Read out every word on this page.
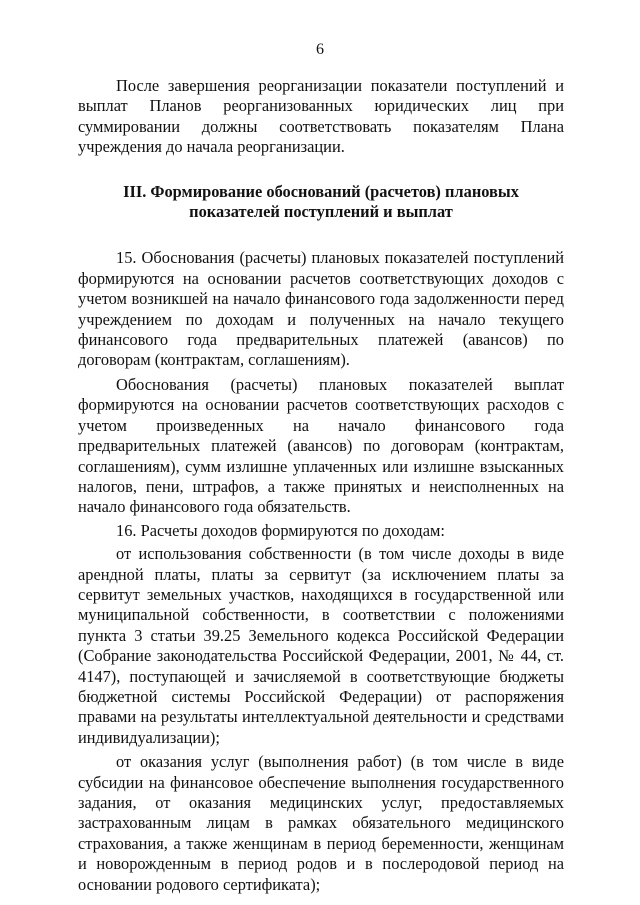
6

После завершения реорганизации показатели поступлений и выплат Планов реорганизованных юридических лиц при суммировании должны соответствовать показателям Плана учреждения до начала реорганизации.

III. Формирование обоснований (расчетов) плановых показателей поступлений и выплат

15. Обоснования (расчеты) плановых показателей поступлений формируются на основании расчетов соответствующих доходов с учетом возникшей на начало финансового года задолженности перед учреждением по доходам и полученных на начало текущего финансового года предварительных платежей (авансов) по договорам (контрактам, соглашениям).

Обоснования (расчеты) плановых показателей выплат формируются на основании расчетов соответствующих расходов с учетом произведенных на начало финансового года предварительных платежей (авансов) по договорам (контрактам, соглашениям), сумм излишне уплаченных или излишне взысканных налогов, пени, штрафов, а также принятых и неисполненных на начало финансового года обязательств.

16. Расчеты доходов формируются по доходам:

от использования собственности (в том числе доходы в виде арендной платы, платы за сервитут (за исключением платы за сервитут земельных участков, находящихся в государственной или муниципальной собственности, в соответствии с положениями пункта 3 статьи 39.25 Земельного кодекса Российской Федерации (Собрание законодательства Российской Федерации, 2001, № 44, ст. 4147), поступающей и зачисляемой в соответствующие бюджеты бюджетной системы Российской Федерации) от распоряжения правами на результаты интеллектуальной деятельности и средствами индивидуализации);

от оказания услуг (выполнения работ) (в том числе в виде субсидии на финансовое обеспечение выполнения государственного задания, от оказания медицинских услуг, предоставляемых застрахованным лицам в рамках обязательного медицинского страхования, а также женщинам в период беременности, женщинам и новорожденным в период родов и в послеродовой период на основании родового сертификата);
